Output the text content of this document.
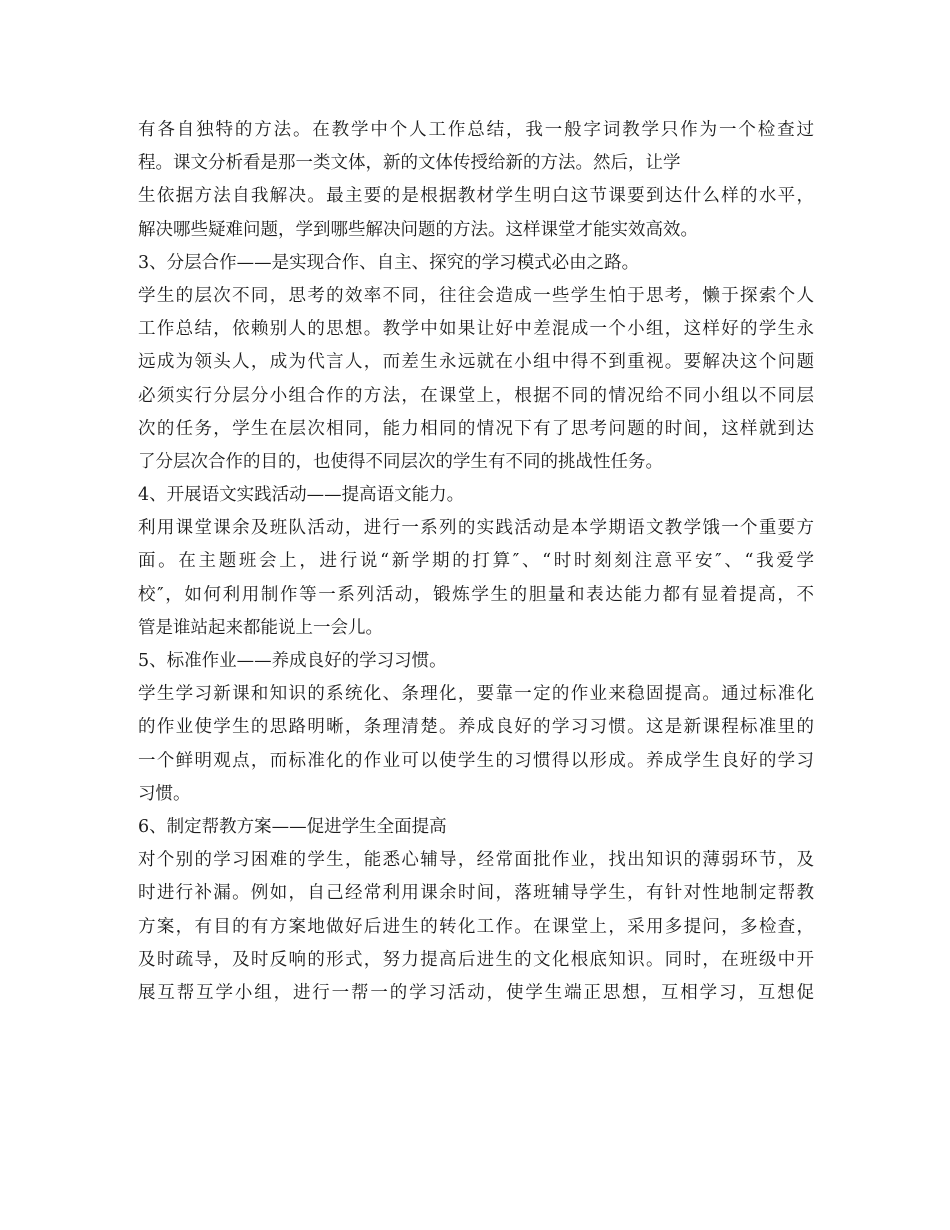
有各自独特的方法。在教学中个人工作总结，我一般字词教学只作为一个检查过
程。课文分析看是那一类文体，新的文体传授给新的方法。然后，让学
生依据方法自我解决。最主要的是根据教材学生明白这节课要到达什么样的水平，
解决哪些疑难问题，学到哪些解决问题的方法。这样课堂才能实效高效。
3、分层合作——是实现合作、自主、探究的学习模式必由之路。
学生的层次不同，思考的效率不同，往往会造成一些学生怕于思考，懒于探索个人
工作总结，依赖别人的思想。教学中如果让好中差混成一个小组，这样好的学生永
远成为领头人，成为代言人，而差生永远就在小组中得不到重视。要解决这个问题
必须实行分层分小组合作的方法，在课堂上，根据不同的情况给不同小组以不同层
次的任务，学生在层次相同，能力相同的情况下有了思考问题的时间，这样就到达
了分层次合作的目的，也使得不同层次的学生有不同的挑战性任务。
4、开展语文实践活动——提高语文能力。
利用课堂课余及班队活动，进行一系列的实践活动是本学期语文教学饿一个重要方
面。在主题班会上，进行说“新学期的打算″、“时时刻刻注意平安″、“我爱学
校″，如何利用制作等一系列活动，锻炼学生的胆量和表达能力都有显着提高，不
管是谁站起来都能说上一会儿。
5、标准作业——养成良好的学习习惯。
学生学习新课和知识的系统化、条理化，要靠一定的作业来稳固提高。通过标准化
的作业使学生的思路明晰，条理清楚。养成良好的学习习惯。这是新课程标准里的
一个鲜明观点，而标准化的作业可以使学生的习惯得以形成。养成学生良好的学习
习惯。
6、制定帮教方案——促进学生全面提高
对个别的学习困难的学生，能悉心辅导，经常面批作业，找出知识的薄弱环节，及
时进行补漏。例如，自己经常利用课余时间，落班辅导学生，有针对性地制定帮教
方案，有目的有方案地做好后进生的转化工作。在课堂上，采用多提问，多检查，
及时疏导，及时反响的形式，努力提高后进生的文化根底知识。同时，在班级中开
展互帮互学小组，进行一帮一的学习活动，使学生端正思想，互相学习，互想促
